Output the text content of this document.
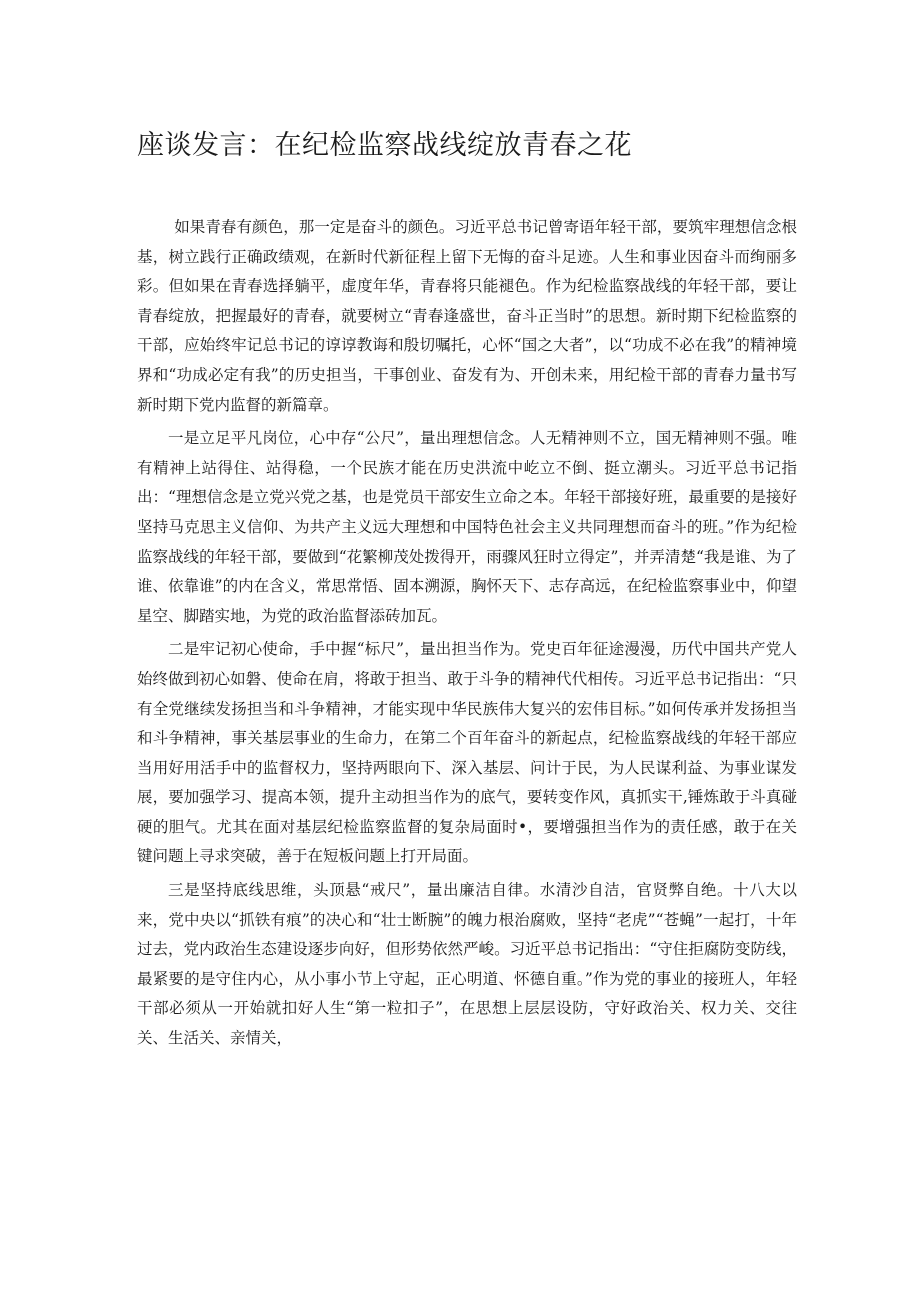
座谈发言：在纪检监察战线绽放青春之花

如果青春有颜色，那一定是奋斗的颜色。习近平总书记曾寄语年轻干部，要筑牢理想信念根基，树立践行正确政绩观，在新时代新征程上留下无悔的奋斗足迹。人生和事业因奋斗而绚丽多彩。但如果在青春选择躺平，虚度年华，青春将只能褪色。作为纪检监察战线的年轻干部，要让青春绽放，把握最好的青春，就要树立“青春逢盛世，奋斗正当时”的思想。新时期下纪检监察的干部，应始终牢记总书记的谆谆教诲和殷切嘱托，心怀“国之大者”，以“功成不必在我”的精神境界和“功成必定有我”的历史担当，干事创业、奋发有为、开创未来，用纪检干部的青春力量书写新时期下党内监督的新篇章。

一是立足平凡岗位，心中存“公尺”，量出理想信念。人无精神则不立，国无精神则不强。唯有精神上站得住、站得稳，一个民族才能在历史洪流中屹立不倒、挺立潮头。习近平总书记指出：“理想信念是立党兴党之基，也是党员干部安生立命之本。年轻干部接好班，最重要的是接好坚持马克思主义信仰、为共产主义远大理想和中国特色社会主义共同理想而奋斗的班。”作为纪检监察战线的年轻干部，要做到“花繁柳茂处拨得开，雨骤风狂时立得定”，并弄清楚“我是谁、为了谁、依靠谁”的内在含义，常思常悟、固本溯源，胸怀天下、志存高远，在纪检监察事业中，仰望星空、脚踏实地，为党的政治监督添砖加瓦。

二是牢记初心使命，手中握“标尺”，量出担当作为。党史百年征途漫漫，历代中国共产党人始终做到初心如磐、使命在肩，将敢于担当、敢于斗争的精神代代相传。习近平总书记指出：“只有全党继续发扬担当和斗争精神，才能实现中华民族伟大复兴的宏伟目标。”如何传承并发扬担当和斗争精神，事关基层事业的生命力，在第二个百年奋斗的新起点，纪检监察战线的年轻干部应当用好用活手中的监督权力，坚持两眼向下、深入基层、问计于民，为人民谋利益、为事业谋发展，要加强学习、提高本领，提升主动担当作为的底气，要转变作风，真抓实干,锤炼敢于斗真碰硬的胆气。尤其在面对基层纪检监察监督的复杂局面时•，要增强担当作为的责任感，敢于在关键问题上寻求突破，善于在短板问题上打开局面。

三是坚持底线思维，头顶悬“戒尺”，量出廉洁自律。水清沙自洁，官贤弊自绝。十八大以来，党中央以“抓铁有痕”的决心和“壮士断腕”的魄力根治腐败，坚持“老虎”“苍蝇”一起打，十年过去，党内政治生态建设逐步向好，但形势依然严峻。习近平总书记指出：“守住拒腐防变防线，最紧要的是守住内心，从小事小节上守起，正心明道、怀德自重。”作为党的事业的接班人，年轻干部必须从一开始就扣好人生“第一粒扣子”，在思想上层层设防，守好政治关、权力关、交往关、生活关、亲情关，
